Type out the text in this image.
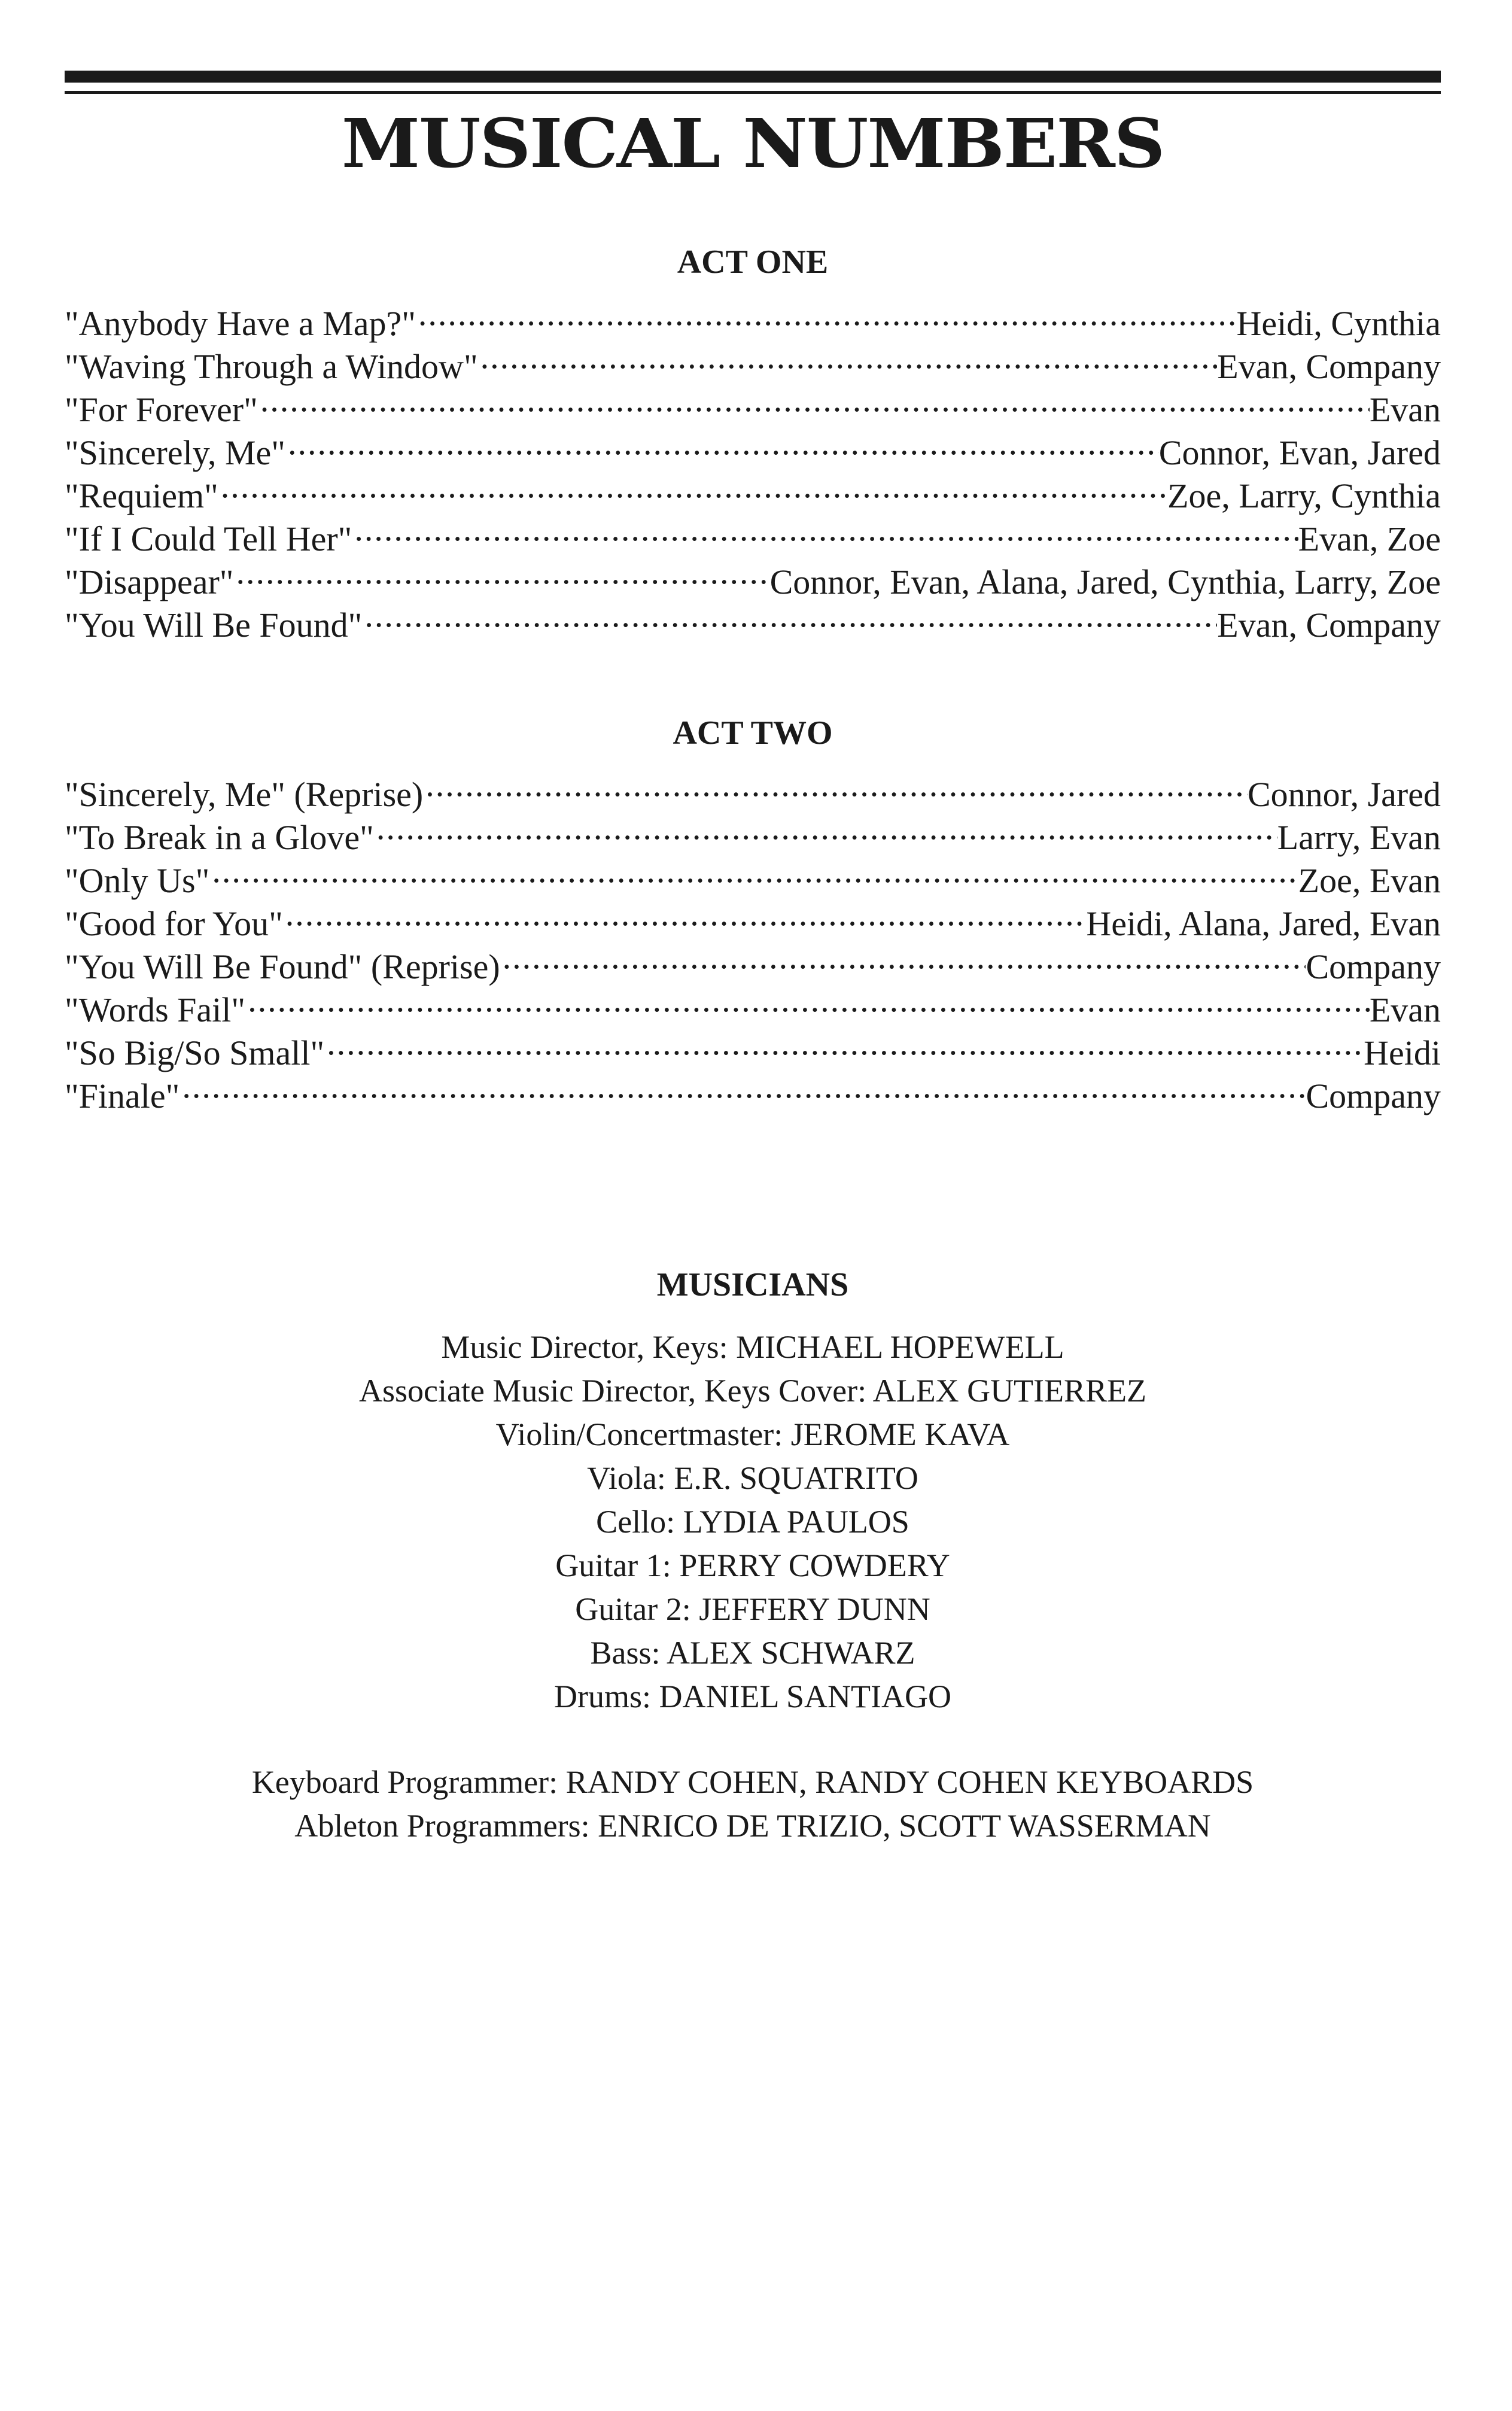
MUSICAL NUMBERS
ACT ONE
"Anybody Have a Map?" .....	Heidi, Cynthia
"Waving Through a Window" .....	Evan, Company
"For Forever" .....	Evan
"Sincerely, Me" .....	Connor, Evan, Jared
"Requiem" .....	Zoe, Larry, Cynthia
"If I Could Tell Her" .....	Evan, Zoe
"Disappear" .....	Connor, Evan, Alana, Jared, Cynthia, Larry, Zoe
"You Will Be Found" .....	Evan, Company
ACT TWO
"Sincerely, Me" (Reprise) .....	Connor, Jared
"To Break in a Glove" .....	Larry, Evan
"Only Us" .....	Zoe, Evan
"Good for You" .....	Heidi, Alana, Jared, Evan
"You Will Be Found" (Reprise) .....	Company
"Words Fail" .....	Evan
"So Big/So Small" .....	Heidi
"Finale" .....	Company
MUSICIANS
Music Director, Keys: MICHAEL HOPEWELL
Associate Music Director, Keys Cover: ALEX GUTIERREZ
Violin/Concertmaster: JEROME KAVA
Viola: E.R. SQUATRITO
Cello: LYDIA PAULOS
Guitar 1: PERRY COWDERY
Guitar 2: JEFFERY DUNN
Bass: ALEX SCHWARZ
Drums: DANIEL SANTIAGO
Keyboard Programmer: RANDY COHEN, RANDY COHEN KEYBOARDS
Ableton Programmers: ENRICO DE TRIZIO, SCOTT WASSERMAN
